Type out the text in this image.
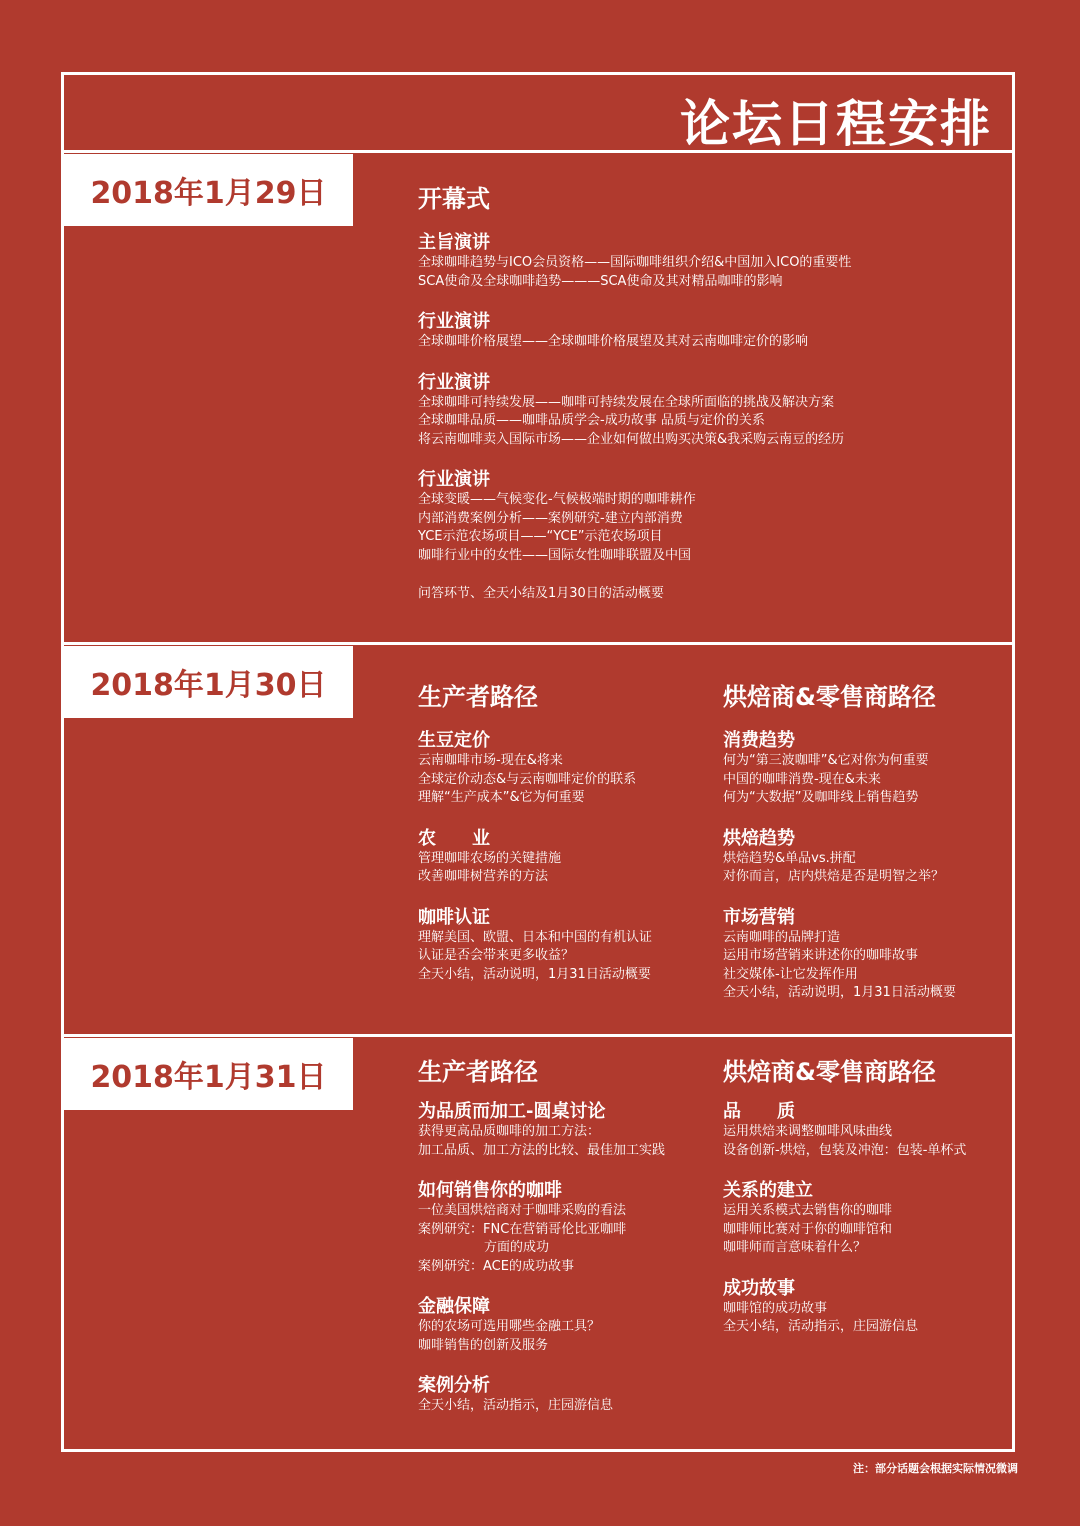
论坛日程安排
2018年1月29日	开幕式
主旨演讲
全球咖啡趋势与ICO会员资格——国际咖啡组织介绍&中国加入ICO的重要性
SCA使命及全球咖啡趋势———SCA使命及其对精品咖啡的影响
行业演讲
全球咖啡价格展望——全球咖啡价格展望及其对云南咖啡定价的影响
行业演讲
全球咖啡可持续发展——咖啡可持续发展在全球所面临的挑战及解决方案
全球咖啡品质——咖啡品质学会-成功故事 品质与定价的关系
将云南咖啡卖入国际市场——企业如何做出购买决策&我采购云南豆的经历
行业演讲
全球变暖——气候变化-气候极端时期的咖啡耕作
内部消费案例分析——案例研究-建立内部消费
YCE示范农场项目——“YCE”示范农场项目
咖啡行业中的女性——国际女性咖啡联盟及中国
问答环节、全天小结及1月30日的活动概要
2018年1月30日	生产者路径
生豆定价
云南咖啡市场-现在&将来
全球定价动态&与云南咖啡定价的联系
理解“生产成本”&它为何重要
农　　业
管理咖啡农场的关键措施
改善咖啡树营养的方法
咖啡认证
理解美国、欧盟、日本和中国的有机认证
认证是否会带来更多收益？
全天小结，活动说明，1月31日活动概要
烘焙商&零售商路径
消费趋势
何为“第三波咖啡”&它对你为何重要
中国的咖啡消费-现在&未来
何为“大数据”及咖啡线上销售趋势
烘焙趋势
烘焙趋势&单品vs.拼配
对你而言，店内烘焙是否是明智之举？
市场营销
云南咖啡的品牌打造
运用市场营销来讲述你的咖啡故事
社交媒体-让它发挥作用
全天小结，活动说明，1月31日活动概要
2018年1月31日	生产者路径
为品质而加工-圆桌讨论
获得更高品质咖啡的加工方法：
加工品质、加工方法的比较、最佳加工实践
如何销售你的咖啡
一位美国烘焙商对于咖啡采购的看法
案例研究：FNC在营销哥伦比亚咖啡
方面的成功
案例研究：ACE的成功故事
金融保障
你的农场可选用哪些金融工具？
咖啡销售的创新及服务
案例分析
全天小结，活动指示，庄园游信息
烘焙商&零售商路径
品　　质
运用烘焙来调整咖啡风味曲线
设备创新-烘焙，包装及冲泡：包装-单杯式
关系的建立
运用关系模式去销售你的咖啡
咖啡师比赛对于你的咖啡馆和
咖啡师而言意味着什么？
成功故事
咖啡馆的成功故事
全天小结，活动指示，庄园游信息
注：部分话题会根据实际情况微调
